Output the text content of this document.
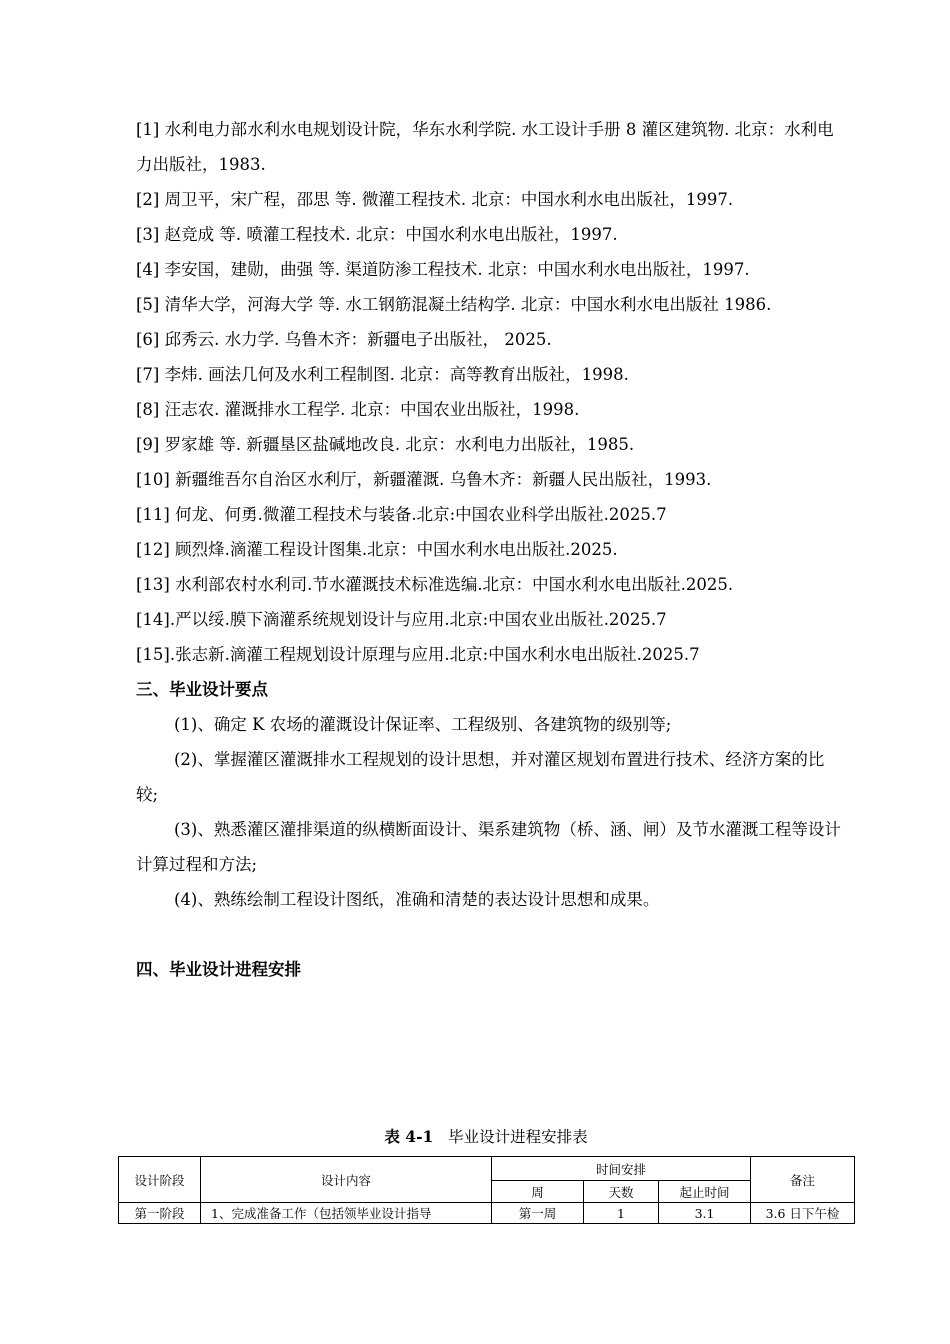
[1] 水利电力部水利水电规划设计院，华东水利学院. 水工设计手册 8 灌区建筑物. 北京：水利电力出版社，1983.

[2] 周卫平，宋广程，邵思 等. 微灌工程技术. 北京：中国水利水电出版社，1997.

[3] 赵竞成 等. 喷灌工程技术. 北京：中国水利水电出版社，1997.

[4] 李安国，建勋，曲强 等. 渠道防渗工程技术. 北京：中国水利水电出版社，1997.

[5] 清华大学，河海大学 等. 水工钢筋混凝土结构学. 北京：中国水利水电出版社 1986.

[6] 邱秀云. 水力学. 乌鲁木齐：新疆电子出版社， 2025.

[7] 李炜. 画法几何及水利工程制图. 北京：高等教育出版社，1998.

[8] 汪志农. 灌溉排水工程学. 北京：中国农业出版社，1998.

[9] 罗家雄 等. 新疆垦区盐碱地改良. 北京：水利电力出版社，1985.

[10] 新疆维吾尔自治区水利厅，新疆灌溉. 乌鲁木齐：新疆人民出版社，1993.

[11] 何龙、何勇.微灌工程技术与装备.北京:中国农业科学出版社.2025.7

[12] 顾烈烽.滴灌工程设计图集.北京：中国水利水电出版社.2025.

[13] 水利部农村水利司.节水灌溉技术标准选编.北京：中国水利水电出版社.2025.

[14].严以绥.膜下滴灌系统规划设计与应用.北京:中国农业出版社.2025.7

[15].张志新.滴灌工程规划设计原理与应用.北京:中国水利水电出版社.2025.7

三、毕业设计要点

(1)、确定 K 农场的灌溉设计保证率、工程级别、各建筑物的级别等;

(2)、掌握灌区灌溉排水工程规划的设计思想，并对灌区规划布置进行技术、经济方案的比较;

(3)、熟悉灌区灌排渠道的纵横断面设计、渠系建筑物（桥、涵、闸）及节水灌溉工程等设计计算过程和方法;

(4)、熟练绘制工程设计图纸，准确和清楚的表达设计思想和成果。

四、毕业设计进程安排

表 4-1 毕业设计进程安排表
设计阶段	设计内容	时间安排			备注
		周	天数	起止时间	
第一阶段	1、完成准备工作（包括领毕业设计指导	第一周	1	3.1	3.6 日下午检
